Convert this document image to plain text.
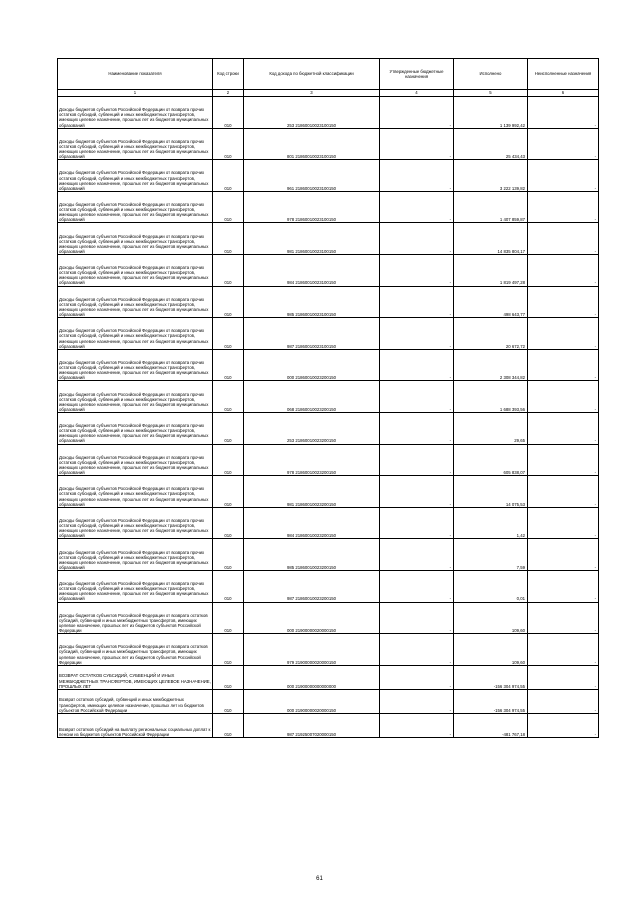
Наименование показателя	Код строки	Код дохода по бюджетной классификации	Утвержденные бюджетные назначения	Исполнено	Неисполненные назначения
1	2	3	4	5	6
Доходы бюджетов субъектов Российской Федерации от возврата прочих остатков субсидий, субвенций и иных межбюджетных трансфертов, имеющих целевое назначение, прошлых лет из бюджетов муниципальных образований	010	253 21860010023100150	-	1 139 992,42	-
Доходы бюджетов субъектов Российской Федерации от возврата прочих остатков субсидий, субвенций и иных межбюджетных трансфертов, имеющих целевое назначение, прошлых лет из бюджетов муниципальных образований	010	801 21860010023100150	-	25 434,43	-
Доходы бюджетов субъектов Российской Федерации от возврата прочих остатков субсидий, субвенций и иных межбюджетных трансфертов, имеющих целевое назначение, прошлых лет из бюджетов муниципальных образований	010	961 21860010023100150	-	3 222 139,82	-
Доходы бюджетов субъектов Российской Федерации от возврата прочих остатков субсидий, субвенций и иных межбюджетных трансфертов, имеющих целевое назначение, прошлых лет из бюджетов муниципальных образований	010	978 21860010023100150	-	1 407 859,87	-
Доходы бюджетов субъектов Российской Федерации от возврата прочих остатков субсидий, субвенций и иных межбюджетных трансфертов, имеющих целевое назначение, прошлых лет из бюджетов муниципальных образований	010	981 21860010023100150	-	14 835 804,17	-
Доходы бюджетов субъектов Российской Федерации от возврата прочих остатков субсидий, субвенций и иных межбюджетных трансфертов, имеющих целевое назначение, прошлых лет из бюджетов муниципальных образований	010	984 21860010023100150	-	1 819 497,28	-
Доходы бюджетов субъектов Российской Федерации от возврата прочих остатков субсидий, субвенций и иных межбюджетных трансфертов, имеющих целевое назначение, прошлых лет из бюджетов муниципальных образований	010	985 21860010023100150	-	498 643,77	-
Доходы бюджетов субъектов Российской Федерации от возврата прочих остатков субсидий, субвенций и иных межбюджетных трансфертов, имеющих целевое назначение, прошлых лет из бюджетов муниципальных образований	010	987 21860010023100150	-	20 672,72	-
Доходы бюджетов субъектов Российской Федерации от возврата прочих остатков субсидий, субвенций и иных межбюджетных трансфертов, имеющих целевое назначение, прошлых лет из бюджетов муниципальных образований	010	000 21860010023200150	-	2 308 344,82	-
Доходы бюджетов субъектов Российской Федерации от возврата прочих остатков субсидий, субвенций и иных межбюджетных трансфертов, имеющих целевое назначение, прошлых лет из бюджетов муниципальных образований	010	068 21860010023200150	-	1 688 393,56	-
Доходы бюджетов субъектов Российской Федерации от возврата прочих остатков субсидий, субвенций и иных межбюджетных трансфертов, имеющих целевое назначение, прошлых лет из бюджетов муниципальных образований	010	253 21860010023200150	-	29,65	-
Доходы бюджетов субъектов Российской Федерации от возврата прочих остатков субсидий, субвенций и иных межбюджетных трансфертов, имеющих целевое назначение, прошлых лет из бюджетов муниципальных образований	010	978 21860010023200150	-	605 838,07	-
Доходы бюджетов субъектов Российской Федерации от возврата прочих остатков субсидий, субвенций и иных межбюджетных трансфертов, имеющих целевое назначение, прошлых лет из бюджетов муниципальных образований	010	981 21860010023200150	-	14 075,53	-
Доходы бюджетов субъектов Российской Федерации от возврата прочих остатков субсидий, субвенций и иных межбюджетных трансфертов, имеющих целевое назначение, прошлых лет из бюджетов муниципальных образований	010	984 21860010023200150	-	1,42	-
Доходы бюджетов субъектов Российской Федерации от возврата прочих остатков субсидий, субвенций и иных межбюджетных трансфертов, имеющих целевое назначение, прошлых лет из бюджетов муниципальных образований	010	985 21860010023200150	-	7,59	-
Доходы бюджетов субъектов Российской Федерации от возврата прочих остатков субсидий, субвенций и иных межбюджетных трансфертов, имеющих целевое назначение, прошлых лет из бюджетов муниципальных образований	010	987 21860010023200150	-	0,01	-
Доходы бюджетов субъектов Российской Федерации от возврата остатков субсидий, субвенций и иных межбюджетных трансфертов, имеющих целевое назначение, прошлых лет из бюджетов субъектов Российской Федерации	010	000 21900000020000150	-	109,60	-
Доходы бюджетов субъектов Российской Федерации от возврата остатков субсидий, субвенций и иных межбюджетных трансфертов, имеющих целевое назначение, прошлых лет из бюджетов субъектов Российской Федерации	010	979 21900000020000150	-	109,60	-
ВОЗВРАТ ОСТАТКОВ СУБСИДИЙ, СУБВЕНЦИЙ И ИНЫХ МЕЖБЮДЖЕТНЫХ ТРАНСФЕРТОВ, ИМЕЮЩИХ ЦЕЛЕВОЕ НАЗНАЧЕНИЕ, ПРОШЛЫХ ЛЕТ	010	000 21900000000000000	-	-156 304 974,55	-
Возврат остатков субсидий, субвенций и иных межбюджетных трансфертов, имеющих целевое назначение, прошлых лет из бюджетов субъектов Российской Федерации	010	000 21900000020000150	-	-156 304 974,55	-
Возврат остатков субсидий на выплату региональных социальных доплат к пенсии из бюджетов субъектов Российской Федерации	010	987 21925007020000150	-	-481 767,18	-
61
